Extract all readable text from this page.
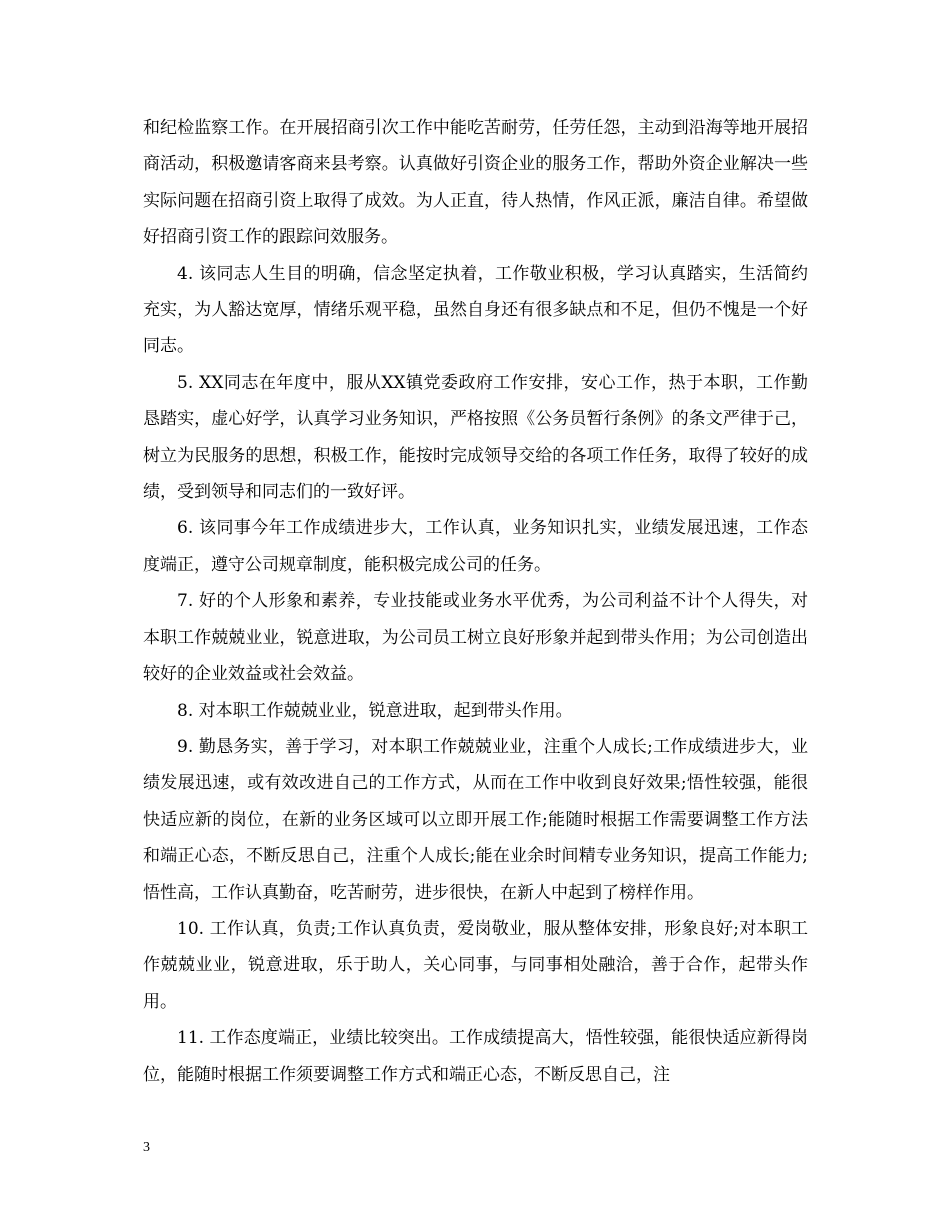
和纪检监察工作。在开展招商引次工作中能吃苦耐劳，任劳任怨，主动到沿海等地开展招商活动，积极邀请客商来县考察。认真做好引资企业的服务工作，帮助外资企业解决一些实际问题在招商引资上取得了成效。为人正直，待人热情，作风正派，廉洁自律。希望做好招商引资工作的跟踪问效服务。

4. 该同志人生目的明确，信念坚定执着，工作敬业积极，学习认真踏实，生活简约充实，为人豁达宽厚，情绪乐观平稳，虽然自身还有很多缺点和不足，但仍不愧是一个好同志。

5. XX同志在年度中，服从XX镇党委政府工作安排，安心工作，热于本职，工作勤恳踏实，虚心好学，认真学习业务知识，严格按照《公务员暂行条例》的条文严律于己，树立为民服务的思想，积极工作，能按时完成领导交给的各项工作任务，取得了较好的成绩，受到领导和同志们的一致好评。

6. 该同事今年工作成绩进步大，工作认真，业务知识扎实，业绩发展迅速，工作态度端正，遵守公司规章制度，能积极完成公司的任务。

7. 好的个人形象和素养，专业技能或业务水平优秀，为公司利益不计个人得失，对本职工作兢兢业业，锐意进取，为公司员工树立良好形象并起到带头作用；为公司创造出较好的企业效益或社会效益。

8. 对本职工作兢兢业业，锐意进取，起到带头作用。

9. 勤恳务实，善于学习，对本职工作兢兢业业，注重个人成长;工作成绩进步大，业绩发展迅速，或有效改进自己的工作方式，从而在工作中收到良好效果;悟性较强，能很快适应新的岗位，在新的业务区域可以立即开展工作;能随时根据工作需要调整工作方法和端正心态，不断反思自己，注重个人成长;能在业余时间精专业务知识，提高工作能力;悟性高，工作认真勤奋，吃苦耐劳，进步很快，在新人中起到了榜样作用。

10. 工作认真，负责;工作认真负责，爱岗敬业，服从整体安排，形象良好;对本职工作兢兢业业，锐意进取，乐于助人，关心同事，与同事相处融洽，善于合作，起带头作用。

11. 工作态度端正，业绩比较突出。工作成绩提高大，悟性较强，能很快适应新得岗位，能随时根据工作须要调整工作方式和端正心态，不断反思自己，注

3
